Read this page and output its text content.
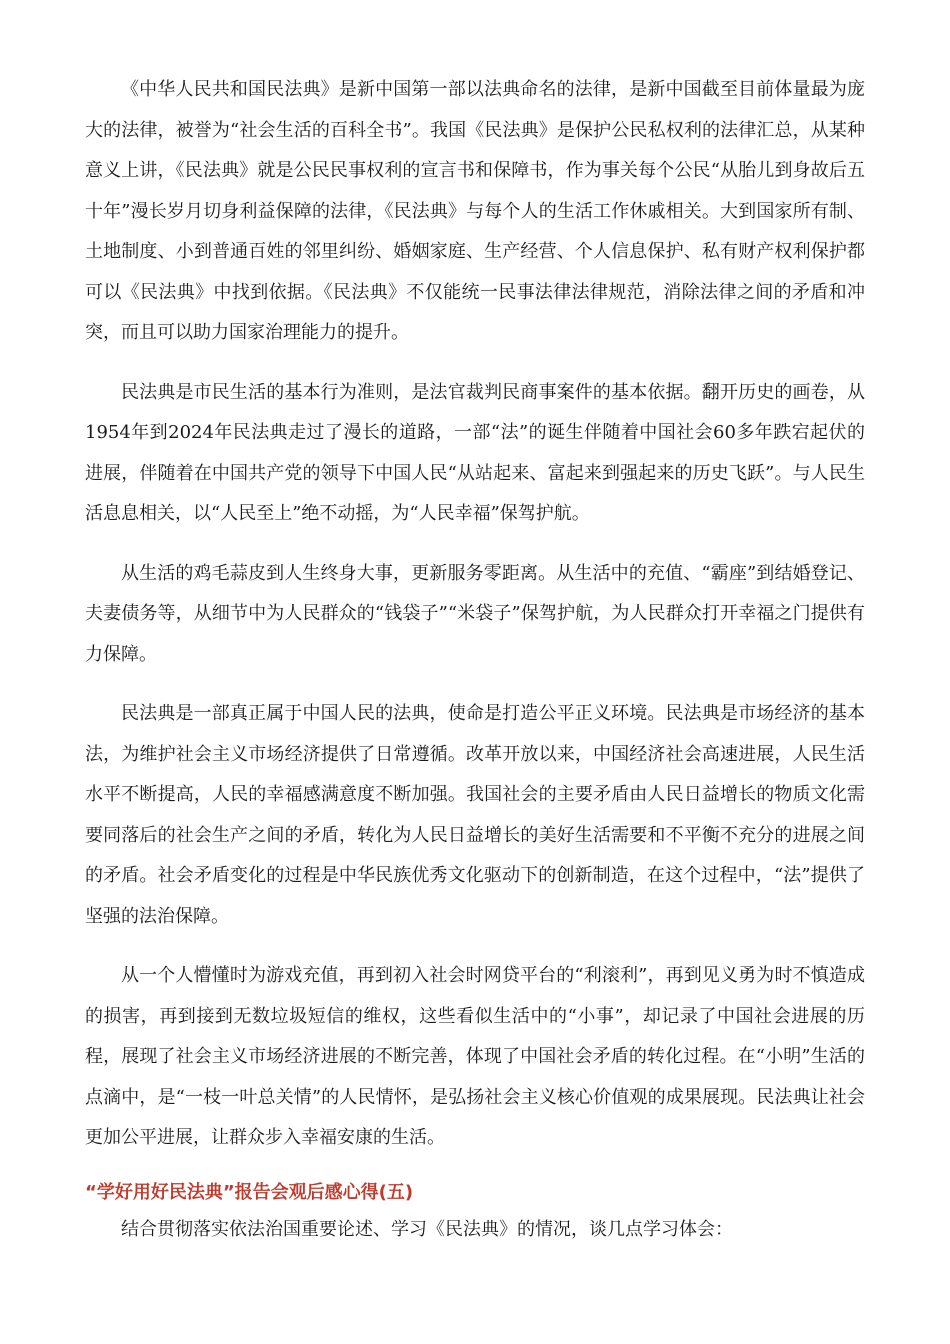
《中华人民共和国民法典》是新中国第一部以法典命名的法律，是新中国截至目前体量最为庞大的法律，被誉为“社会生活的百科全书”。我国《民法典》是保护公民私权利的法律汇总，从某种意义上讲，《民法典》就是公民民事权利的宣言书和保障书，作为事关每个公民“从胎儿到身故后五十年”漫长岁月切身利益保障的法律，《民法典》与每个人的生活工作休戚相关。大到国家所有制、土地制度、小到普通百姓的邻里纠纷、婚姻家庭、生产经营、个人信息保护、私有财产权利保护都可以《民法典》中找到依据。《民法典》不仅能统一民事法律法律规范，消除法律之间的矛盾和冲突，而且可以助力国家治理能力的提升。

民法典是市民生活的基本行为准则，是法官裁判民商事案件的基本依据。翻开历史的画卷，从1954年到2024年民法典走过了漫长的道路，一部“法”的诞生伴随着中国社会60多年跌宕起伏的进展，伴随着在中国共产党的领导下中国人民“从站起来、富起来到强起来的历史飞跃”。与人民生活息息相关，以“人民至上”绝不动摇，为“人民幸福”保驾护航。

从生活的鸡毛蒜皮到人生终身大事，更新服务零距离。从生活中的充值、“霸座”到结婚登记、夫妻债务等，从细节中为人民群众的“钱袋子”“米袋子”保驾护航，为人民群众打开幸福之门提供有力保障。

民法典是一部真正属于中国人民的法典，使命是打造公平正义环境。民法典是市场经济的基本法，为维护社会主义市场经济提供了日常遵循。改革开放以来，中国经济社会高速进展，人民生活水平不断提高，人民的幸福感满意度不断加强。我国社会的主要矛盾由人民日益增长的物质文化需要同落后的社会生产之间的矛盾，转化为人民日益增长的美好生活需要和不平衡不充分的进展之间的矛盾。社会矛盾变化的过程是中华民族优秀文化驱动下的创新制造，在这个过程中，“法”提供了坚强的法治保障。

从一个人懵懂时为游戏充值，再到初入社会时网贷平台的“利滚利”，再到见义勇为时不慎造成的损害，再到接到无数垃圾短信的维权，这些看似生活中的“小事”，却记录了中国社会进展的历程，展现了社会主义市场经济进展的不断完善，体现了中国社会矛盾的转化过程。在“小明”生活的点滴中，是“一枝一叶总关情”的人民情怀，是弘扬社会主义核心价值观的成果展现。民法典让社会更加公平进展，让群众步入幸福安康的生活。

“学好用好民法典”报告会观后感心得(五)

结合贯彻落实依法治国重要论述、学习《民法典》的情况，谈几点学习体会：
